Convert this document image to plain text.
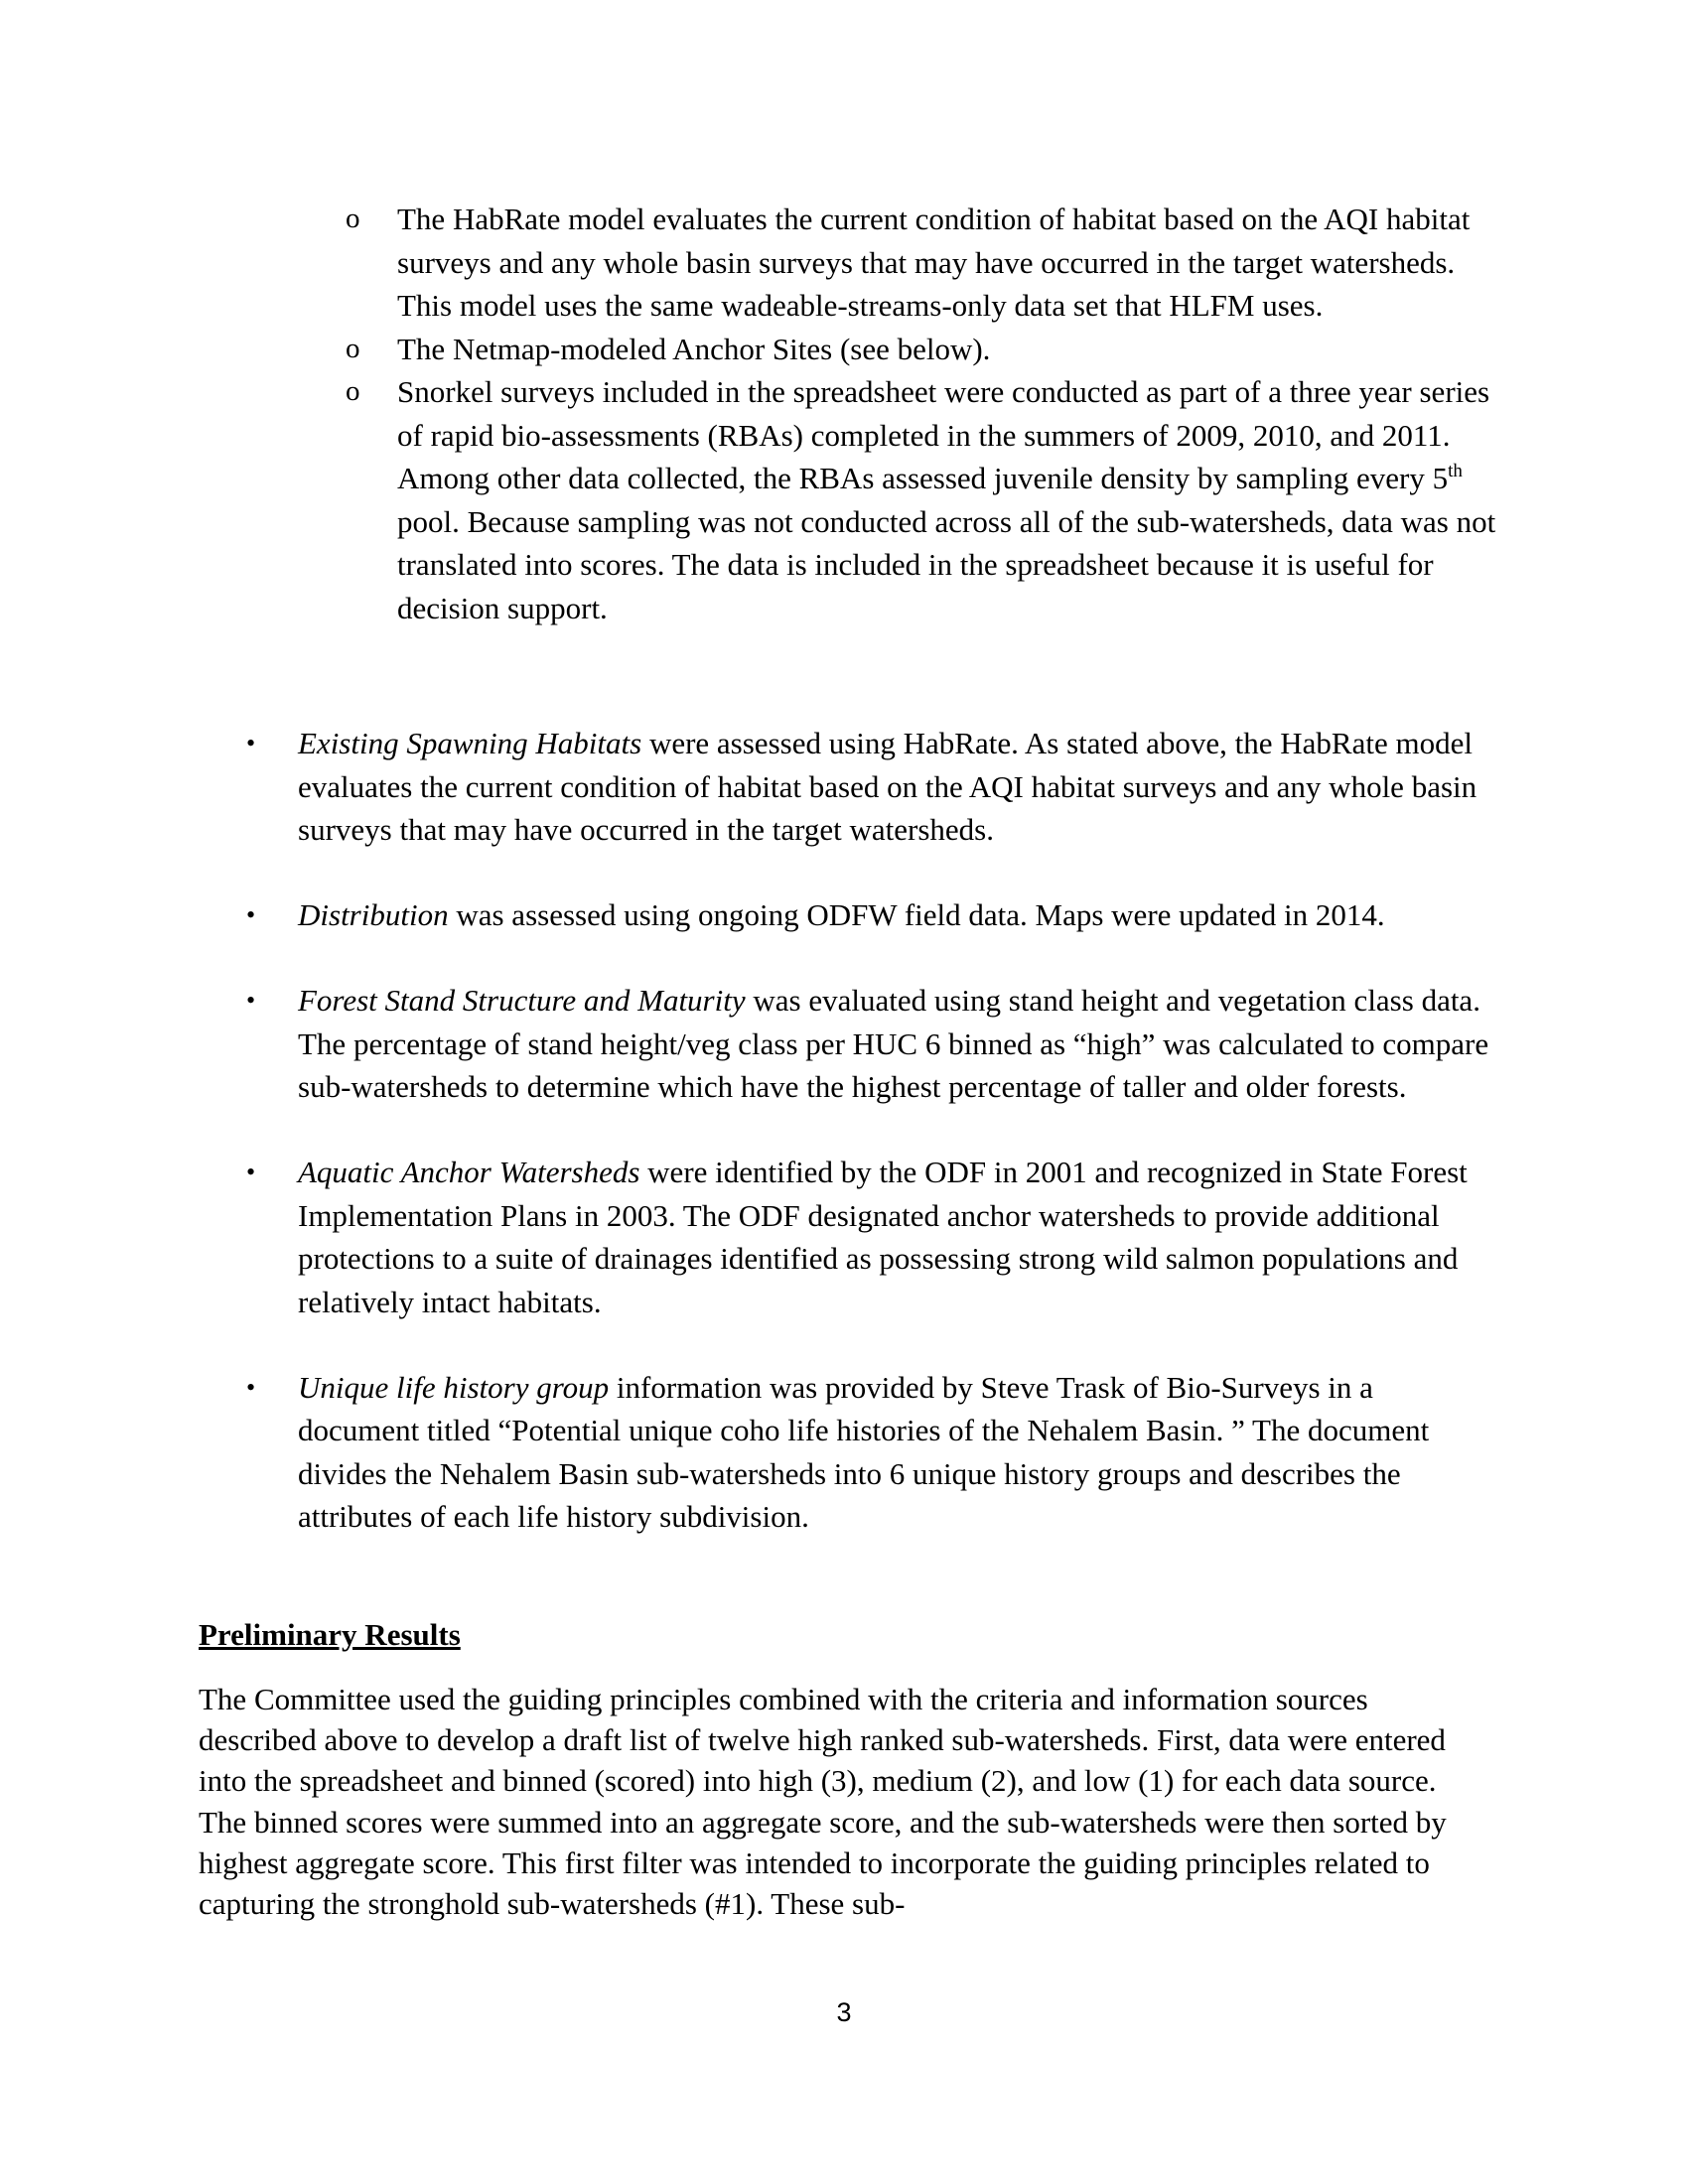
o The HabRate model evaluates the current condition of habitat based on the AQI habitat surveys and any whole basin surveys that may have occurred in the target watersheds. This model uses the same wadeable-streams-only data set that HLFM uses.
o The Netmap-modeled Anchor Sites (see below).
o Snorkel surveys included in the spreadsheet were conducted as part of a three year series of rapid bio-assessments (RBAs) completed in the summers of 2009, 2010, and 2011. Among other data collected, the RBAs assessed juvenile density by sampling every 5th pool. Because sampling was not conducted across all of the sub-watersheds, data was not translated into scores. The data is included in the spreadsheet because it is useful for decision support.
• Existing Spawning Habitats were assessed using HabRate. As stated above, the HabRate model evaluates the current condition of habitat based on the AQI habitat surveys and any whole basin surveys that may have occurred in the target watersheds.
• Distribution was assessed using ongoing ODFW field data. Maps were updated in 2014.
• Forest Stand Structure and Maturity was evaluated using stand height and vegetation class data. The percentage of stand height/veg class per HUC 6 binned as “high” was calculated to compare sub-watersheds to determine which have the highest percentage of taller and older forests.
• Aquatic Anchor Watersheds were identified by the ODF in 2001 and recognized in State Forest Implementation Plans in 2003. The ODF designated anchor watersheds to provide additional protections to a suite of drainages identified as possessing strong wild salmon populations and relatively intact habitats.
• Unique life history group information was provided by Steve Trask of Bio-Surveys in a document titled “Potential unique coho life histories of the Nehalem Basin. ” The document divides the Nehalem Basin sub-watersheds into 6 unique history groups and describes the attributes of each life history subdivision.
Preliminary Results

The Committee used the guiding principles combined with the criteria and information sources described above to develop a draft list of twelve high ranked sub-watersheds. First, data were entered into the spreadsheet and binned (scored) into high (3), medium (2), and low (1) for each data source. The binned scores were summed into an aggregate score, and the sub-watersheds were then sorted by highest aggregate score. This first filter was intended to incorporate the guiding principles related to capturing the stronghold sub-watersheds (#1). These sub-

3
